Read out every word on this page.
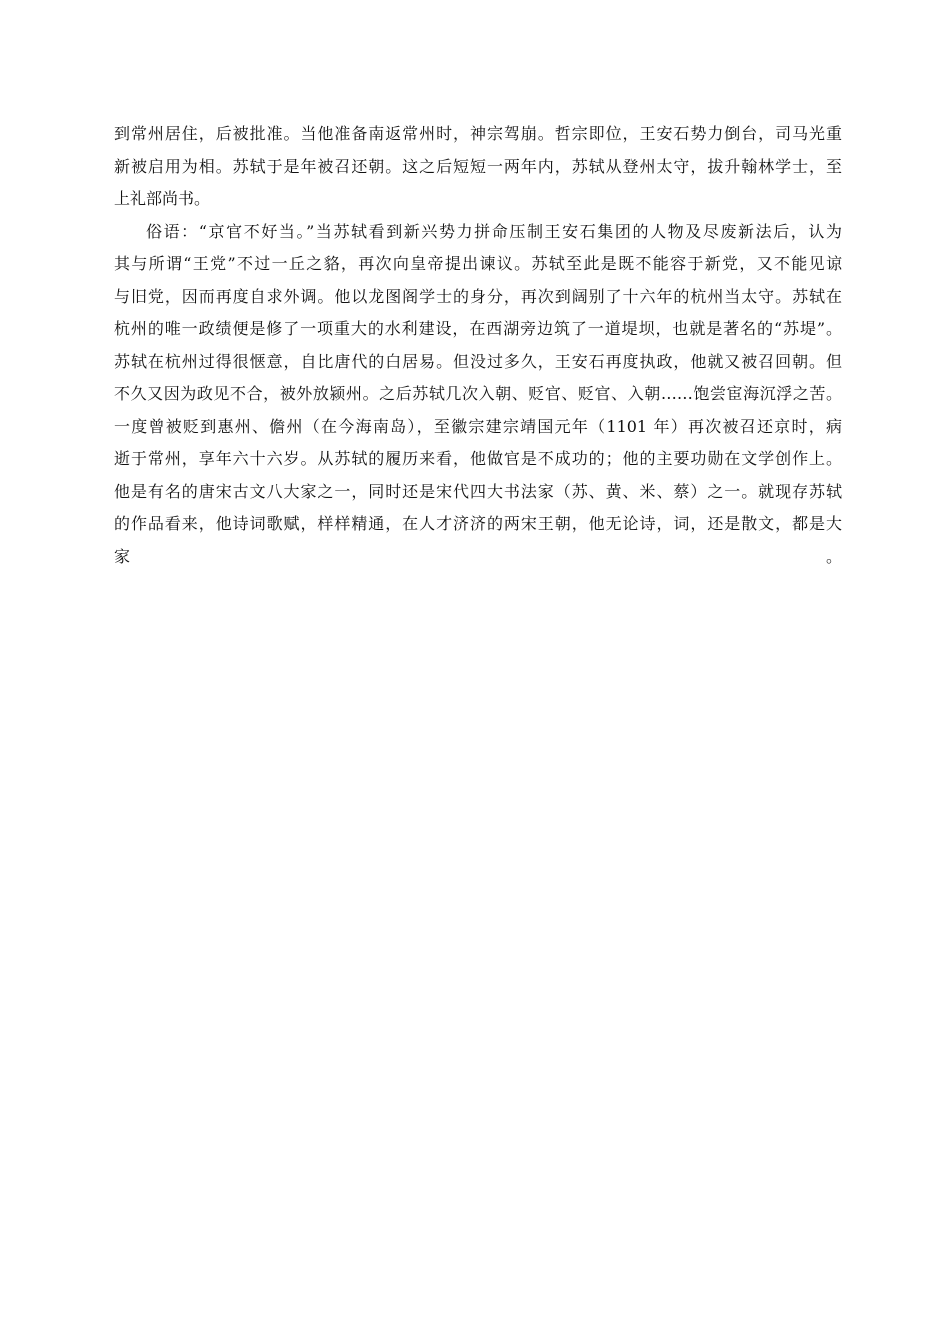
到常州居住，后被批准。当他准备南返常州时，神宗驾崩。哲宗即位，王安石势力倒台，司马光重
新被启用为相。苏轼于是年被召还朝。这之后短短一两年内，苏轼从登州太守，拔升翰林学士，至
上礼部尚书。
俗语：“京官不好当。”当苏轼看到新兴势力拼命压制王安石集团的人物及尽废新法后，认为
其与所谓“王党”不过一丘之貉，再次向皇帝提出谏议。苏轼至此是既不能容于新党，又不能见谅
与旧党，因而再度自求外调。他以龙图阁学士的身分，再次到阔别了十六年的杭州当太守。苏轼在
杭州的唯一政绩便是修了一项重大的水利建设，在西湖旁边筑了一道堤坝，也就是著名的“苏堤”。
苏轼在杭州过得很惬意，自比唐代的白居易。但没过多久，王安石再度执政，他就又被召回朝。但
不久又因为政见不合，被外放颍州。之后苏轼几次入朝、贬官、贬官、入朝……饱尝宦海沉浮之苦。
一度曾被贬到惠州、儋州（在今海南岛），至徽宗建宗靖国元年（1101 年）再次被召还京时，病
逝于常州，享年六十六岁。从苏轼的履历来看，他做官是不成功的；他的主要功勋在文学创作上。
他是有名的唐宋古文八大家之一，同时还是宋代四大书法家（苏、黄、米、蔡）之一。就现存苏轼
的作品看来，他诗词歌赋，样样精通，在人才济济的两宋王朝，他无论诗，词，还是散文，都是大
家。
